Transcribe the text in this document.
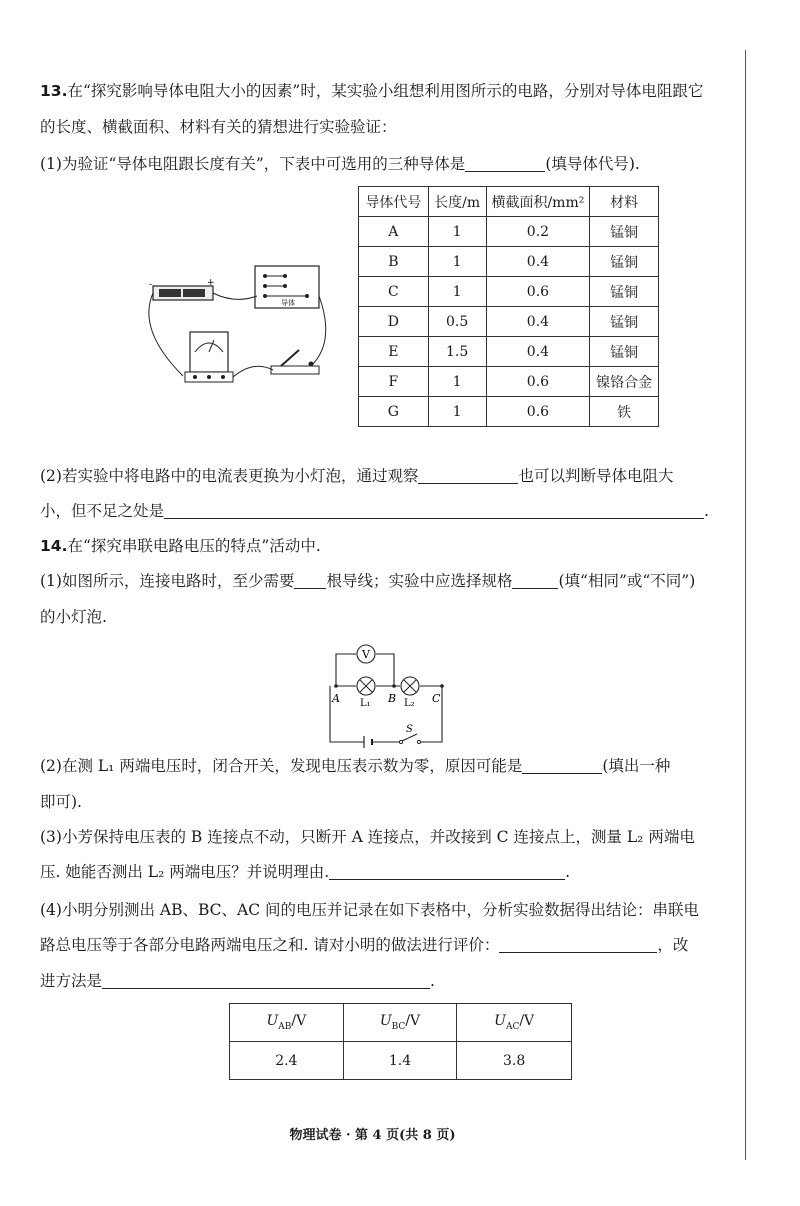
13.在“探究影响导体电阻大小的因素”时，某实验小组想利用图所示的电路，分别对导体电阻跟它
的长度、横截面积、材料有关的猜想进行实验验证：
(1)为验证“导体电阻跟长度有关”，下表中可选用的三种导体是	(填导体代号).
+
-
导体
导体代号	长度/m	横截面积/mm²	材料
A	1	0.2	锰铜
B	1	0.4	锰铜
C	1	0.6	锰铜
D	0.5	0.4	锰铜
E	1.5	0.4	锰铜
F	1	0.6	镍铬合金
G	1	0.6	铁
(2)若实验中将电路中的电流表更换为小灯泡，通过观察	也可以判断导体电阻大
小，但不足之处是	.
14.在“探究串联电路电压的特点”活动中.
(1)如图所示，连接电路时，至少需要 根导线；实验中应选择规格	(填“相同”或“不同”)
的小灯泡.
V
A	B	C
L₁	L₂
S
(2)在测 L₁ 两端电压时，闭合开关，发现电压表示数为零，原因可能是	(填出一种
即可).
(3)小芳保持电压表的 B 连接点不动，只断开 A 连接点，并改接到 C 连接点上，测量 L₂ 两端电
压. 她能否测出 L₂ 两端电压？并说明理由.	.
(4)小明分别测出 AB、BC、AC 间的电压并记录在如下表格中，分析实验数据得出结论：串联电
路总电压等于各部分电路两端电压之和. 请对小明的做法进行评价：	，改
进方法是	.
$U_{AB}/V$	$U_{BC}/V$	$U_{AC}/V$
2.4	1.4	3.8
物理试卷 · 第 4 页(共 8 页)
